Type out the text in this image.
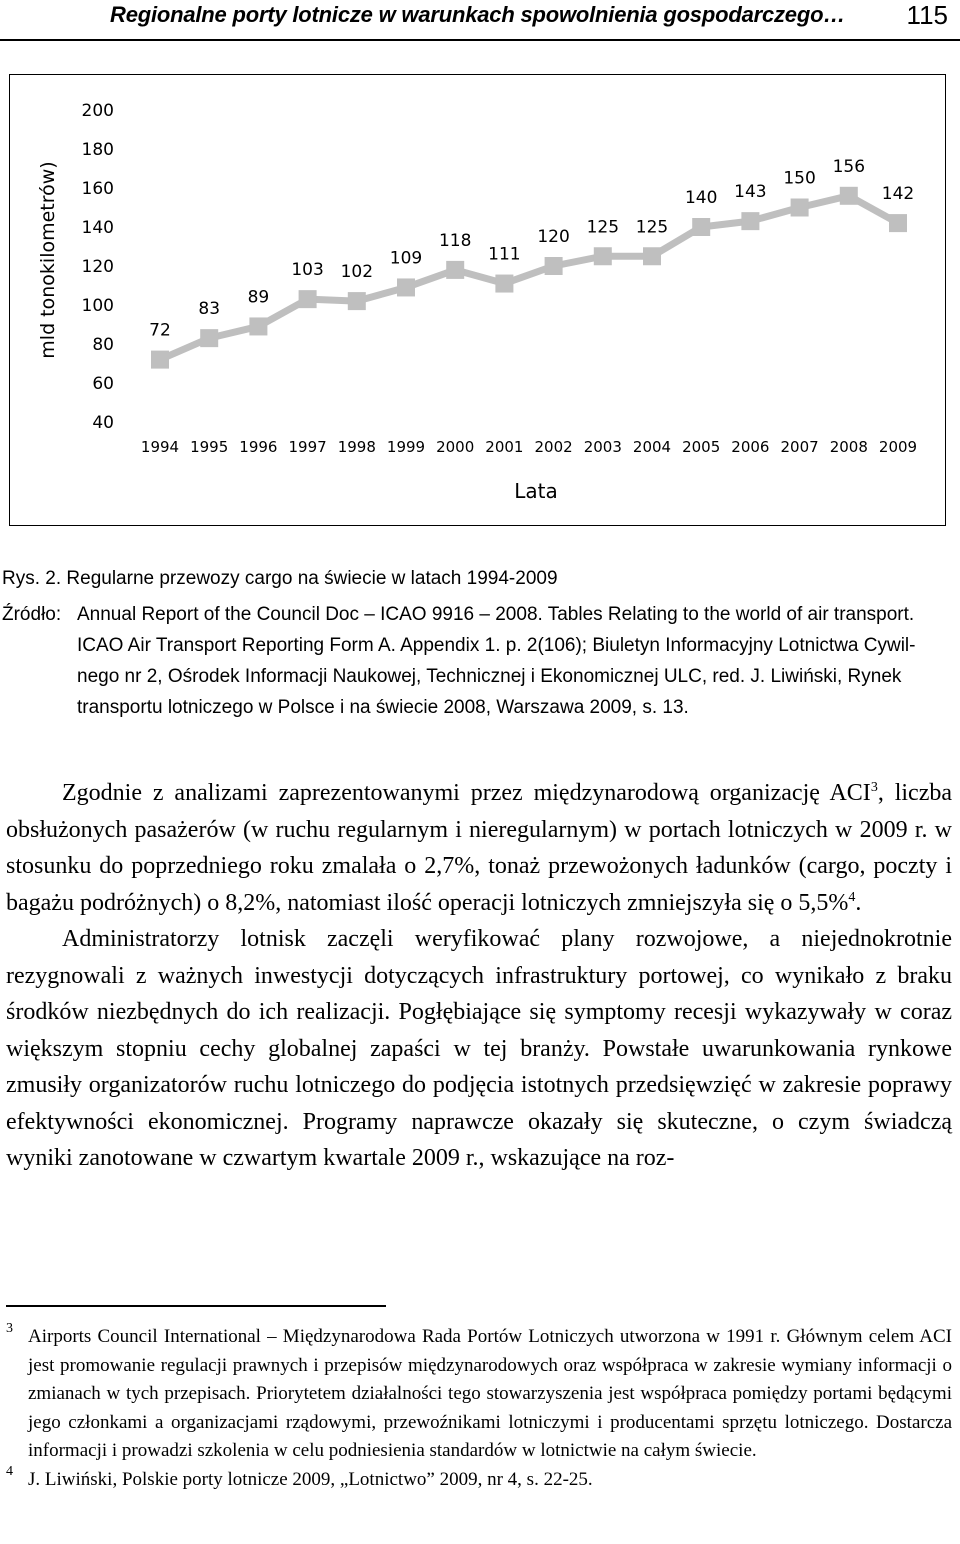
Regionalne porty lotnicze w warunkach spowolnienia gospodarczego… 115
40
60
80
100
120
140
160
180
200
1994 1995 1996 1997 1998 1999 2000 2001 2002 2003 2004 2005 2006 2007 2008 2009
72
83
89
103 102
109
118
111
120 125 125
140 143
150
156
142
mld tonokilometrów)
Lata
Rys. 2. Regularne przewozy cargo na świecie w latach 1994-2009
Źródło: Annual Report of the Council Doc – ICAO 9916 – 2008. Tables Relating to the world of air transport.
ICAO Air Transport Reporting Form A. Appendix 1. p. 2(106); Biuletyn Informacyjny Lotnictwa Cywil-
nego nr 2, Ośrodek Informacji Naukowej, Technicznej i Ekonomicznej ULC, red. J. Liwiński, Rynek
transportu lotniczego w Polsce i na świecie 2008, Warszawa 2009, s. 13.

Zgodnie z analizami zaprezentowanymi przez międzynarodową organizację ACI$^3$, liczba obsłużonych pasażerów (w ruchu regularnym i nieregularnym) w portach lotniczych w 2009 r. w stosunku do poprzedniego roku zmalała o 2,7%, tonaż przewożonych ładunków (cargo, poczty i bagażu podróżnych) o 8,2%, natomiast ilość operacji lotniczych zmniejszyła się o 5,5%$^4$.

Administratorzy lotnisk zaczęli weryfikować plany rozwojowe, a niejednokrotnie rezygnowali z ważnych inwestycji dotyczących infrastruktury portowej, co wynikało z braku środków niezbędnych do ich realizacji. Pogłębiające się symptomy recesji wykazywały w coraz większym stopniu cechy globalnej zapaści w tej branży. Powstałe uwarunkowania rynkowe zmusiły organizatorów ruchu lotniczego do podjęcia istotnych przedsięwzięć w zakresie poprawy efektywności ekonomicznej. Programy naprawcze okazały się skuteczne, o czym świadczą wyniki zanotowane w czwartym kwartale 2009 r., wskazujące na roz-

3 Airports Council International – Międzynarodowa Rada Portów Lotniczych utworzona w 1991 r. Głównym celem ACI jest promowanie regulacji prawnych i przepisów międzynarodowych oraz współpraca w zakresie wymiany informacji o zmianach w tych przepisach. Priorytetem działalności tego stowarzyszenia jest współpraca pomiędzy portami będącymi jego członkami a organizacjami rządowymi, przewoźnikami lotniczymi i producentami sprzętu lotniczego. Dostarcza informacji i prowadzi szkolenia w celu podniesienia standardów w lotnictwie na całym świecie.
4 J. Liwiński, Polskie porty lotnicze 2009, „Lotnictwo” 2009, nr 4, s. 22-25.
